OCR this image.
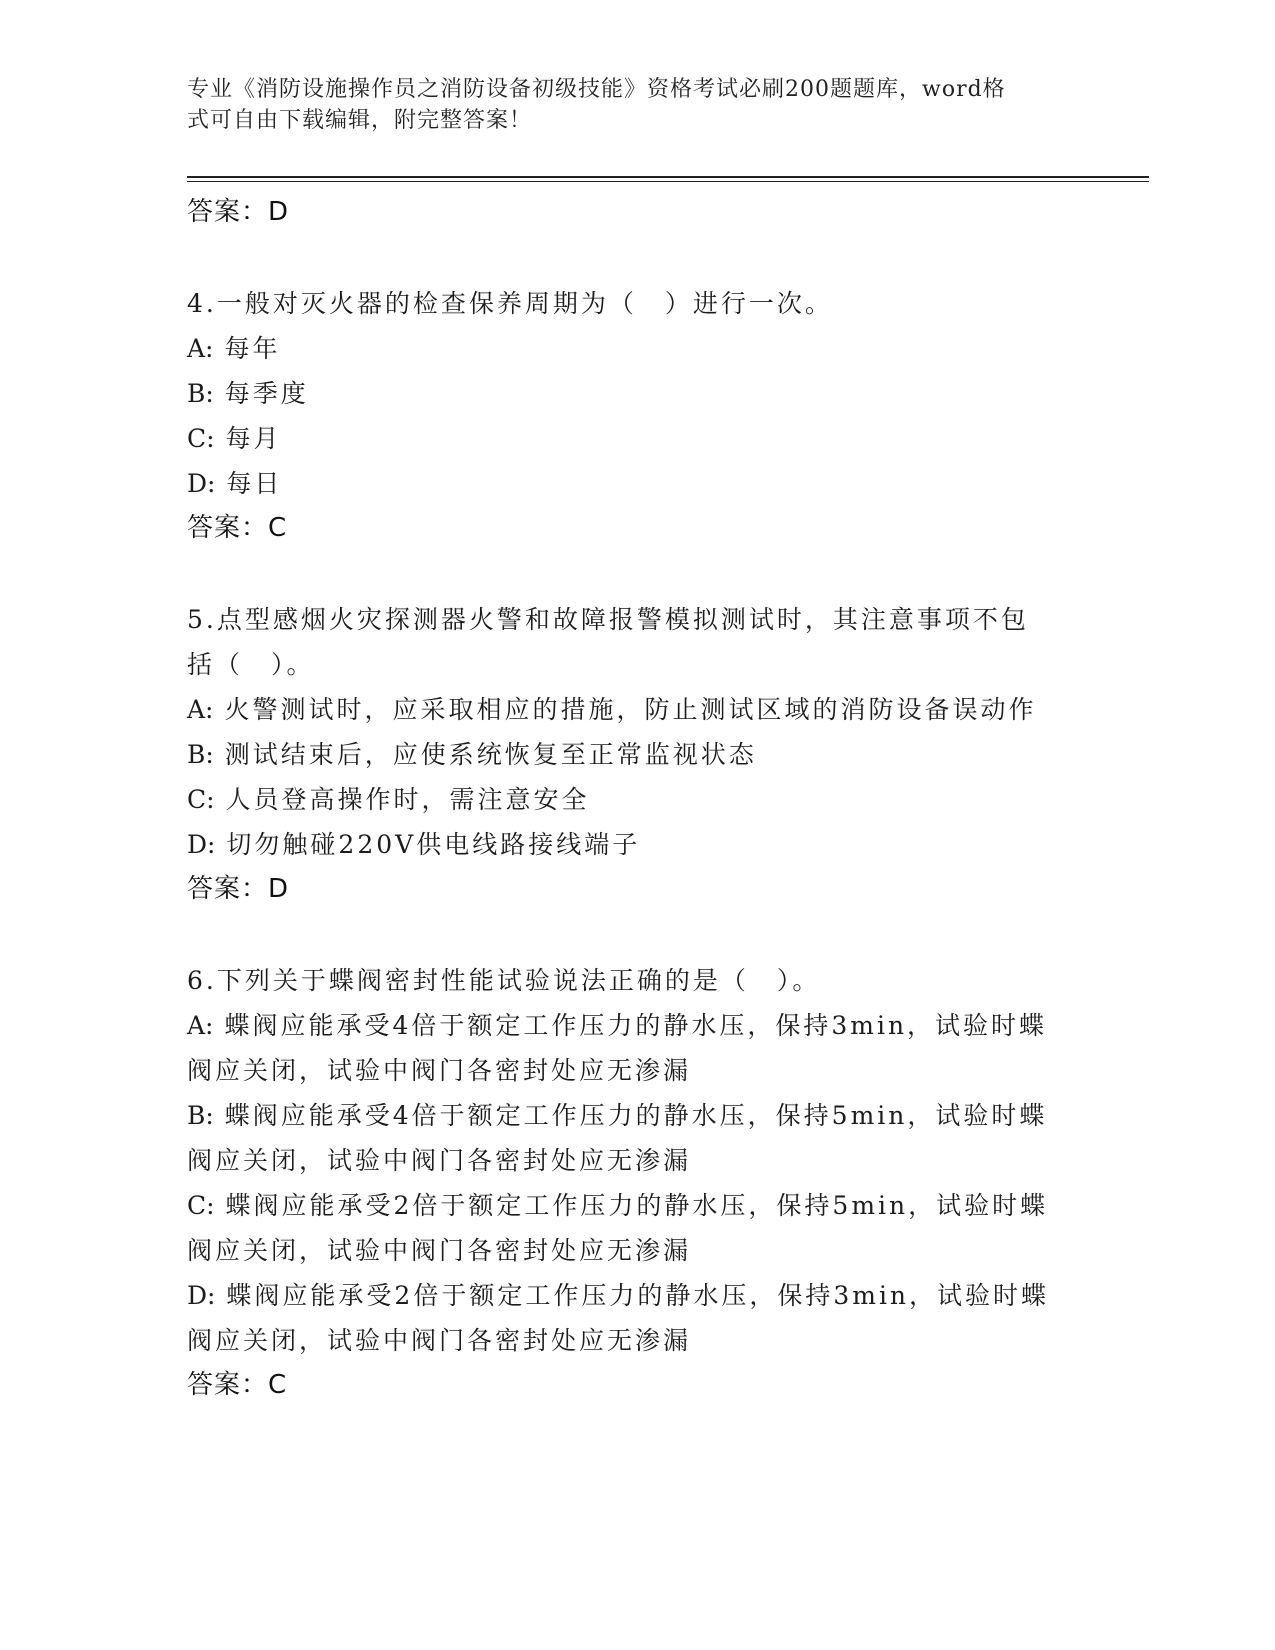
专业《消防设施操作员之消防设备初级技能》资格考试必刷200题题库，word格
式可自由下载编辑，附完整答案！
答案：D
4.一般对灭火器的检查保养周期为（　）进行一次。
A: 每年
B: 每季度
C: 每月
D: 每日
答案：C
5.点型感烟火灾探测器火警和故障报警模拟测试时，其注意事项不包
括（　）。
A: 火警测试时，应采取相应的措施，防止测试区域的消防设备误动作
B: 测试结束后，应使系统恢复至正常监视状态
C: 人员登高操作时，需注意安全
D: 切勿触碰220V供电线路接线端子
答案：D
6.下列关于蝶阀密封性能试验说法正确的是（　）。
A: 蝶阀应能承受4倍于额定工作压力的静水压，保持3min，试验时蝶
阀应关闭，试验中阀门各密封处应无渗漏
B: 蝶阀应能承受4倍于额定工作压力的静水压，保持5min，试验时蝶
阀应关闭，试验中阀门各密封处应无渗漏
C: 蝶阀应能承受2倍于额定工作压力的静水压，保持5min，试验时蝶
阀应关闭，试验中阀门各密封处应无渗漏
D: 蝶阀应能承受2倍于额定工作压力的静水压，保持3min，试验时蝶
阀应关闭，试验中阀门各密封处应无渗漏
答案：C
